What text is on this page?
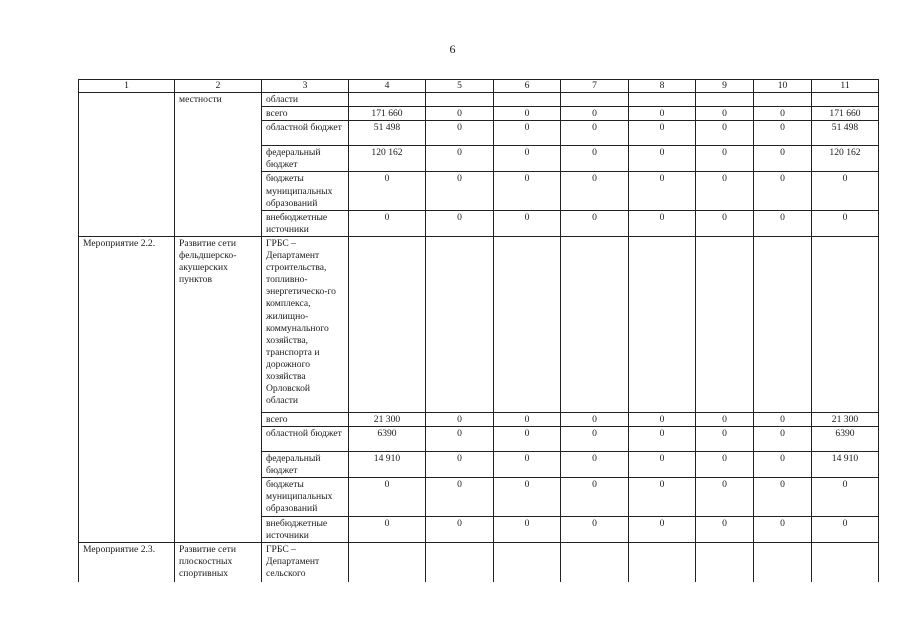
6
1	2	3	4	5	6	7	8	9	10	11
	местности	области								
		всего	171 660	0	0	0	0	0	0	171 660
		областной бюджет	51 498	0	0	0	0	0	0	51 498
		федеральный бюджет	120 162	0	0	0	0	0	0	120 162
		бюджеты муниципальных образований	0	0	0	0	0	0	0	0
		внебюджетные источники	0	0	0	0	0	0	0	0
Мероприятие 2.2.	Развитие сети фельдшерско-акушерских пунктов	ГРБС – Департамент строительства, топливно-энергетическо-го комплекса, жилищно-коммунального хозяйства, транспорта и дорожного хозяйства Орловской области								
		всего	21 300	0	0	0	0	0	0	21 300
		областной бюджет	6390	0	0	0	0	0	0	6390
		федеральный бюджет	14 910	0	0	0	0	0	0	14 910
		бюджеты муниципальных образований	0	0	0	0	0	0	0	0
		внебюджетные источники	0	0	0	0	0	0	0	0
Мероприятие 2.3.	Развитие сети плоскостных спортивных	ГРБС – Департамент сельского								
